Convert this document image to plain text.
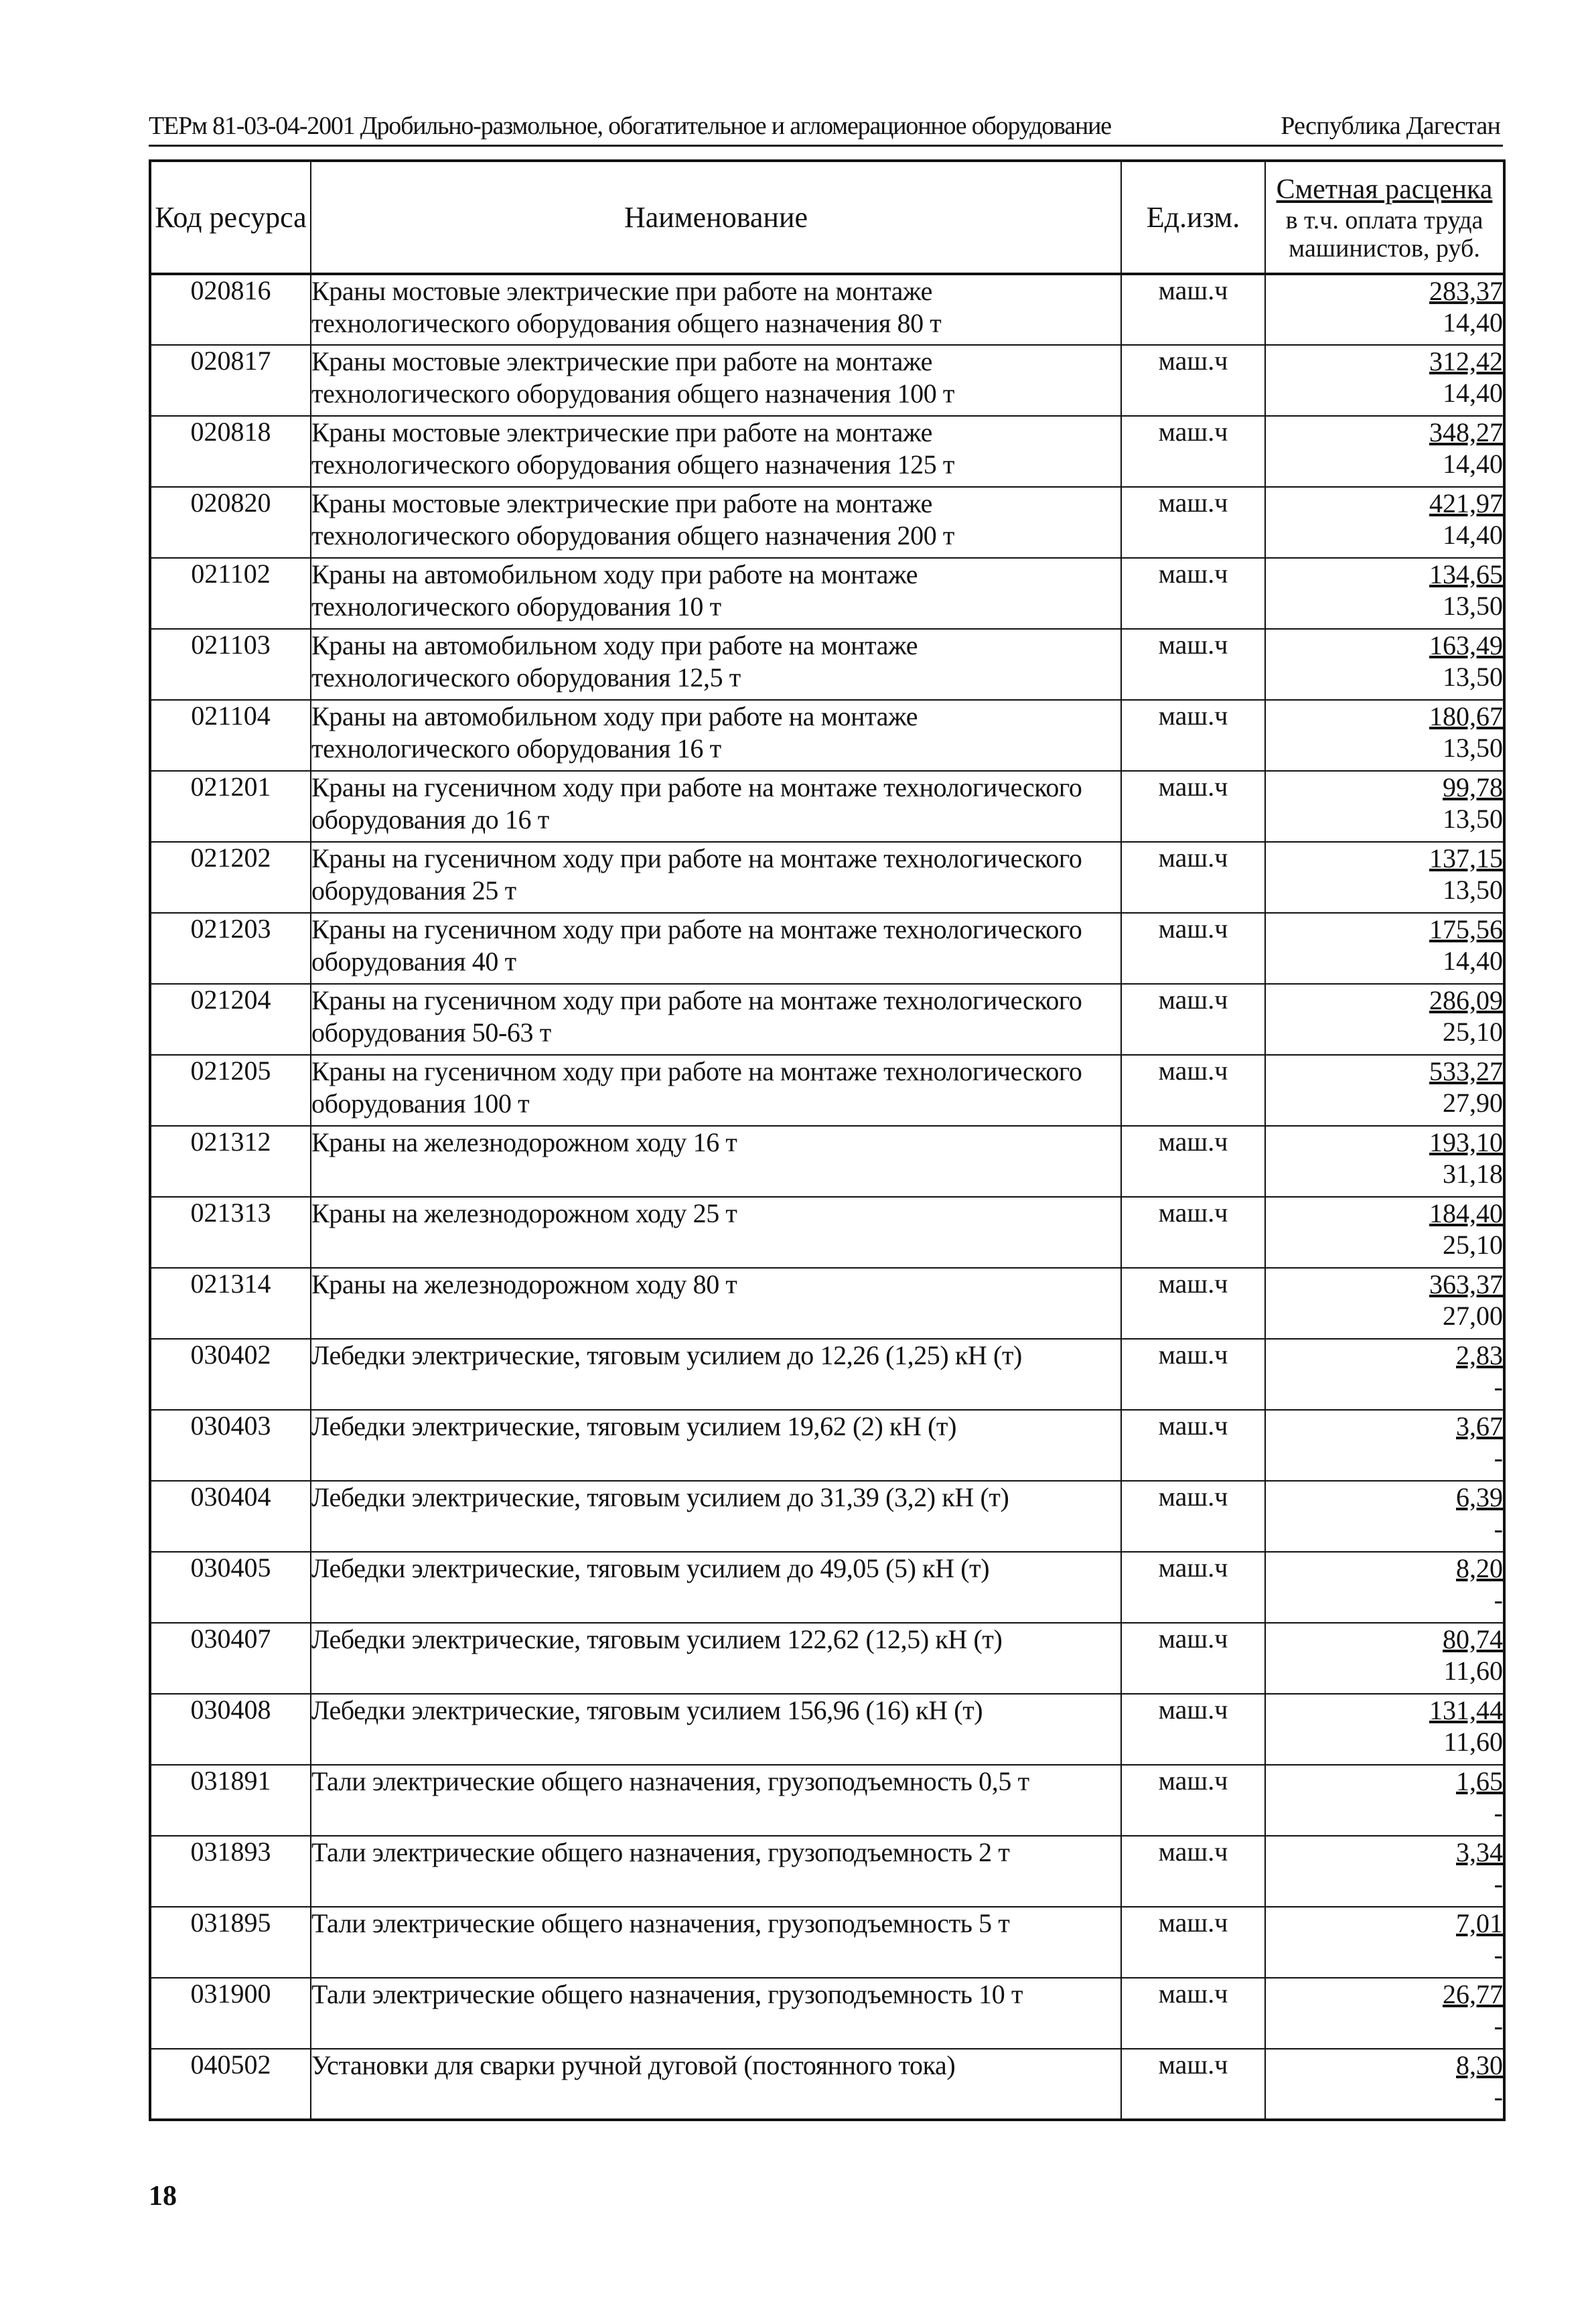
ТЕРм 81-03-04-2001 Дробильно-размольное, обогатительное и агломерационное оборудование	Республика Дагестан
Код ресурса	Наименование	Ед.изм.	Сметная расценка
в т.ч. оплата труда машинистов, руб.

020816	Краны мостовые электрические при работе на монтаже технологического оборудования общего назначения 80 т	маш.ч	283,37
14,40

020817	Краны мостовые электрические при работе на монтаже технологического оборудования общего назначения 100 т	маш.ч	312,42
14,40

020818	Краны мостовые электрические при работе на монтаже технологического оборудования общего назначения 125 т	маш.ч	348,27
14,40

020820	Краны мостовые электрические при работе на монтаже технологического оборудования общего назначения 200 т	маш.ч	421,97
14,40

021102	Краны на автомобильном ходу при работе на монтаже технологического оборудования 10 т	маш.ч	134,65
13,50

021103	Краны на автомобильном ходу при работе на монтаже технологического оборудования 12,5 т	маш.ч	163,49
13,50

021104	Краны на автомобильном ходу при работе на монтаже технологического оборудования 16 т	маш.ч	180,67
13,50

021201	Краны на гусеничном ходу при работе на монтаже технологического оборудования до 16 т	маш.ч	99,78
13,50

021202	Краны на гусеничном ходу при работе на монтаже технологического оборудования 25 т	маш.ч	137,15
13,50

021203	Краны на гусеничном ходу при работе на монтаже технологического оборудования 40 т	маш.ч	175,56
14,40

021204	Краны на гусеничном ходу при работе на монтаже технологического оборудования 50-63 т	маш.ч	286,09
25,10

021205	Краны на гусеничном ходу при работе на монтаже технологического оборудования 100 т	маш.ч	533,27
27,90

021312	Краны на железнодорожном ходу 16 т	маш.ч	193,10
31,18

021313	Краны на железнодорожном ходу 25 т	маш.ч	184,40
25,10

021314	Краны на железнодорожном ходу 80 т	маш.ч	363,37
27,00

030402	Лебедки электрические, тяговым усилием до 12,26 (1,25) кН (т)	маш.ч	2,83
-

030403	Лебедки электрические, тяговым усилием 19,62 (2) кН (т)	маш.ч	3,67
-

030404	Лебедки электрические, тяговым усилием до 31,39 (3,2) кН (т)	маш.ч	6,39
-

030405	Лебедки электрические, тяговым усилием до 49,05 (5) кН (т)	маш.ч	8,20
-

030407	Лебедки электрические, тяговым усилием 122,62 (12,5) кН (т)	маш.ч	80,74
11,60

030408	Лебедки электрические, тяговым усилием 156,96 (16) кН (т)	маш.ч	131,44
11,60

031891	Тали электрические общего назначения, грузоподъемность 0,5 т	маш.ч	1,65
-

031893	Тали электрические общего назначения, грузоподъемность 2 т	маш.ч	3,34
-

031895	Тали электрические общего назначения, грузоподъемность 5 т	маш.ч	7,01
-

031900	Тали электрические общего назначения, грузоподъемность 10 т	маш.ч	26,77
-

040502	Установки для сварки ручной дуговой (постоянного тока)	маш.ч	8,30
-
18
